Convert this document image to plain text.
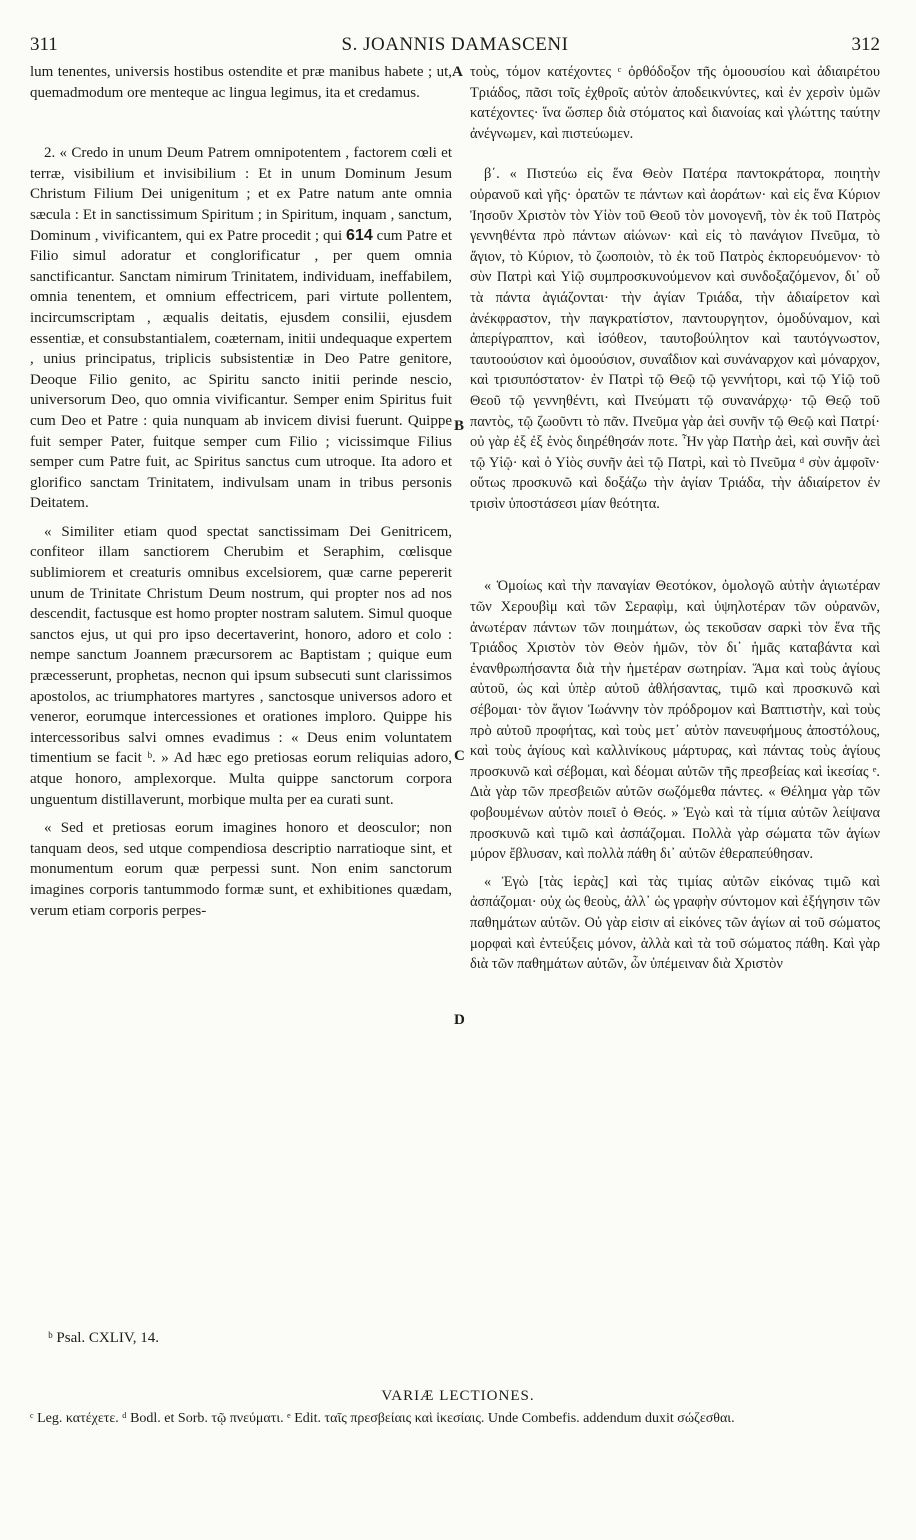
311	S. JOANNIS DAMASCENI	312

lum tenentes, universis hostibus ostendite et præ manibus habete ; ut, quemadmodum ore menteque ac lingua legimus, ita et credamus.

2. « Credo in unum Deum Patrem omnipotentem , factorem cœli et terræ, visibilium et invisibilium : Et in unum Dominum Jesum Christum Filium Dei unigenitum ; et ex Patre natum ante omnia sæcula : Et in sanctissimum Spiritum ; in Spiritum, inquam , sanctum, Dominum , vivificantem, qui ex Patre procedit ; qui 614 cum Patre et Filio simul adoratur et conglorificatur , per quem omnia sanctificantur. Sanctam nimirum Trinitatem, individuam, ineffabilem, omnia tenentem, et omnium effectricem, pari virtute pollentem, incircumscriptam , æqualis deitatis, ejusdem consilii, ejusdem essentiæ, et consubstantialem, coæternam, initii undequaque expertem , unius principatus, triplicis subsistentiæ in Deo Patre genitore, Deoque Filio genito, ac Spiritu sancto initii perinde nescio, universorum Deo, quo omnia vivificantur. Semper enim Spiritus fuit cum Deo et Patre : quia nunquam ab invicem divisi fuerunt. Quippe fuit semper Pater, fuitque semper cum Filio ; vicissimque Filius semper cum Patre fuit, ac Spiritus sanctus cum utroque. Ita adoro et glorifico sanctam Trinitatem, indivulsam unam in tribus personis Deitatem.

« Similiter etiam quod spectat sanctissimam Dei Genitricem, confiteor illam sanctiorem Cherubim et Seraphim, cœlisque sublimiorem et creaturis omnibus excelsiorem, quæ carne pepererit unum de Trinitate Christum Deum nostrum, qui propter nos ad nos descendit, factusque est homo propter nostram salutem. Simul quoque sanctos ejus, ut qui pro ipso decertaverint, honoro, adoro et colo : nempe sanctum Joannem præcursorem ac Baptistam ; quique eum præcesserunt, prophetas, necnon qui ipsum subsecuti sunt clarissimos apostolos, ac triumphatores martyres , sanctosque universos adoro et veneror, eorumque intercessiones et orationes imploro. Quippe his intercessoribus salvi omnes evadimus : « Deus enim voluntatem timentium se facit ᵇ. » Ad hæc ego pretiosas eorum reliquias adoro, atque honoro, amplexorque. Multa quippe sanctorum corpora unguentum distillaverunt, morbique multa per ea curati sunt.

« Sed et pretiosas eorum imagines honoro et deosculor; non tanquam deos, sed utque compendiosa descriptio narratioque sint, et monumentum eorum quæ perpessi sunt. Non enim sanctorum imagines corporis tantummodo formæ sunt, et exhibitiones quædam, verum etiam corporis perpes-

A
B
C
D

τοὺς, τόμον κατέχοντες ᶜ ὀρθόδοξον τῆς ὁμοουσίου καὶ ἀδιαιρέτου Τριάδος, πᾶσι τοῖς ἐχθροῖς αὐτὸν ἀποδεικνύντες, καὶ ἐν χερσὶν ὑμῶν κατέχοντες· ἵνα ὥσπερ διὰ στόματος καὶ διανοίας καὶ γλώττης ταύτην ἀνέγνωμεν, καὶ πιστεύωμεν.

β΄. « Πιστεύω εἰς ἕνα Θεὸν Πατέρα παντοκράτορα, ποιητὴν οὐρανοῦ καὶ γῆς· ὁρατῶν τε πάντων καὶ ἀοράτων· καὶ εἰς ἕνα Κύριον Ἰησοῦν Χριστὸν τὸν Υἱὸν τοῦ Θεοῦ τὸν μονογενῆ, τὸν ἐκ τοῦ Πατρὸς γεννηθέντα πρὸ πάντων αἰώνων· καὶ εἰς τὸ πανάγιον Πνεῦμα, τὸ ἅγιον, τὸ Κύριον, τὸ ζωοποιὸν, τὸ ἐκ τοῦ Πατρὸς ἐκπορευόμενον· τὸ σὺν Πατρὶ καὶ Υἱῷ συμπροσκυνούμενον καὶ συνδοξαζόμενον, δι᾽ οὗ τὰ πάντα ἁγιάζονται· τὴν ἁγίαν Τριάδα, τὴν ἀδιαίρετον καὶ ἀνέκφραστον, τὴν παγκρατίστον, παντουργητον, ὁμοδύναμον, καὶ ἀπερίγραπτον, καὶ ἰσόθεον, ταυτοβούλητον καὶ ταυτόγνωστον, ταυτοούσιον καὶ ὁμοούσιον, συναΐδιον καὶ συνάναρχον καὶ μόναρχον, καὶ τρισυπόστατον· ἐν Πατρὶ τῷ Θεῷ τῷ γεννήτορι, καὶ τῷ Υἱῷ τοῦ Θεοῦ τῷ γεννηθέντι, καὶ Πνεύματι τῷ συνανάρχῳ· τῷ Θεῷ τοῦ παντὸς, τῷ ζωοῦντι τὸ πᾶν. Πνεῦμα γὰρ ἀεὶ συνῆν τῷ Θεῷ καὶ Πατρί· οὐ γὰρ ἐξ ἐξ ἑνὸς διηρέθησάν ποτε. Ἦν γὰρ Πατὴρ ἀεὶ, καὶ συνῆν ἀεὶ τῷ Υἱῷ· καὶ ὁ Υἱὸς συνῆν ἀεὶ τῷ Πατρὶ, καὶ τὸ Πνεῦμα ᵈ σὺν ἀμφοῖν· οὕτως προσκυνῶ καὶ δοξάζω τὴν ἁγίαν Τριάδα, τὴν ἀδιαίρετον ἐν τρισὶν ὑποστάσεσι μίαν θεότητα.

« Ὁμοίως καὶ τὴν παναγίαν Θεοτόκον, ὁμολογῶ αὐτὴν ἁγιωτέραν τῶν Χερουβὶμ καὶ τῶν Σεραφὶμ, καὶ ὑψηλοτέραν τῶν οὐρανῶν, ἀνωτέραν πάντων τῶν ποιημάτων, ὡς τεκοῦσαν σαρκὶ τὸν ἕνα τῆς Τριάδος Χριστὸν τὸν Θεὸν ἡμῶν, τὸν δι᾽ ἡμᾶς καταβάντα καὶ ἐνανθρωπήσαντα διὰ τὴν ἡμετέραν σωτηρίαν. Ἅμα καὶ τοὺς ἁγίους αὐτοῦ, ὡς καὶ ὑπὲρ αὐτοῦ ἀθλήσαντας, τιμῶ καὶ προσκυνῶ καὶ σέβομαι· τὸν ἅγιον Ἰωάννην τὸν πρόδρομον καὶ Βαπτιστὴν, καὶ τοὺς πρὸ αὐτοῦ προφήτας, καὶ τοὺς μετ᾽ αὐτὸν πανευφήμους ἀποστόλους, καὶ τοὺς ἁγίους καὶ καλλινίκους μάρτυρας, καὶ πάντας τοὺς ἁγίους προσκυνῶ καὶ σέβομαι, καὶ δέομαι αὐτῶν τῆς πρεσβείας καὶ ἱκεσίας ᵉ. Διὰ γὰρ τῶν πρεσβειῶν αὐτῶν σωζόμεθα πάντες. « Θέλημα γὰρ τῶν φοβουμένων αὐτὸν ποιεῖ ὁ Θεός. » Ἐγὼ καὶ τὰ τίμια αὐτῶν λείψανα προσκυνῶ καὶ τιμῶ καὶ ἀσπάζομαι. Πολλὰ γὰρ σώματα τῶν ἁγίων μύρον ἔβλυσαν, καὶ πολλὰ πάθη δι᾽ αὐτῶν ἐθεραπεύθησαν.

« Ἐγὼ [τὰς ἱερὰς] καὶ τὰς τιμίας αὐτῶν εἰκόνας τιμῶ καὶ ἀσπάζομαι· οὐχ ὡς θεοὺς, ἀλλ᾽ ὡς γραφὴν σύντομον καὶ ἐξήγησιν τῶν παθημάτων αὐτῶν. Οὐ γὰρ εἰσιν αἱ εἰκόνες τῶν ἁγίων αἱ τοῦ σώματος μορφαὶ καὶ ἐντεύξεις μόνον, ἀλλὰ καὶ τὰ τοῦ σώματος πάθη. Καὶ γὰρ διὰ τῶν παθημάτων αὐτῶν, ὧν ὑπέμειναν διὰ Χριστὸν

ᵇ Psal. CXLIV, 14.
VARIÆ LECTIONES.
ᶜ Leg. κατέχετε. ᵈ Bodl. et Sorb. τῷ πνεύματι. ᵉ Edit. ταῖς πρεσβείαις καὶ ἱκεσίαις. Unde Combefis. addendum duxit σώζεσθαι.
